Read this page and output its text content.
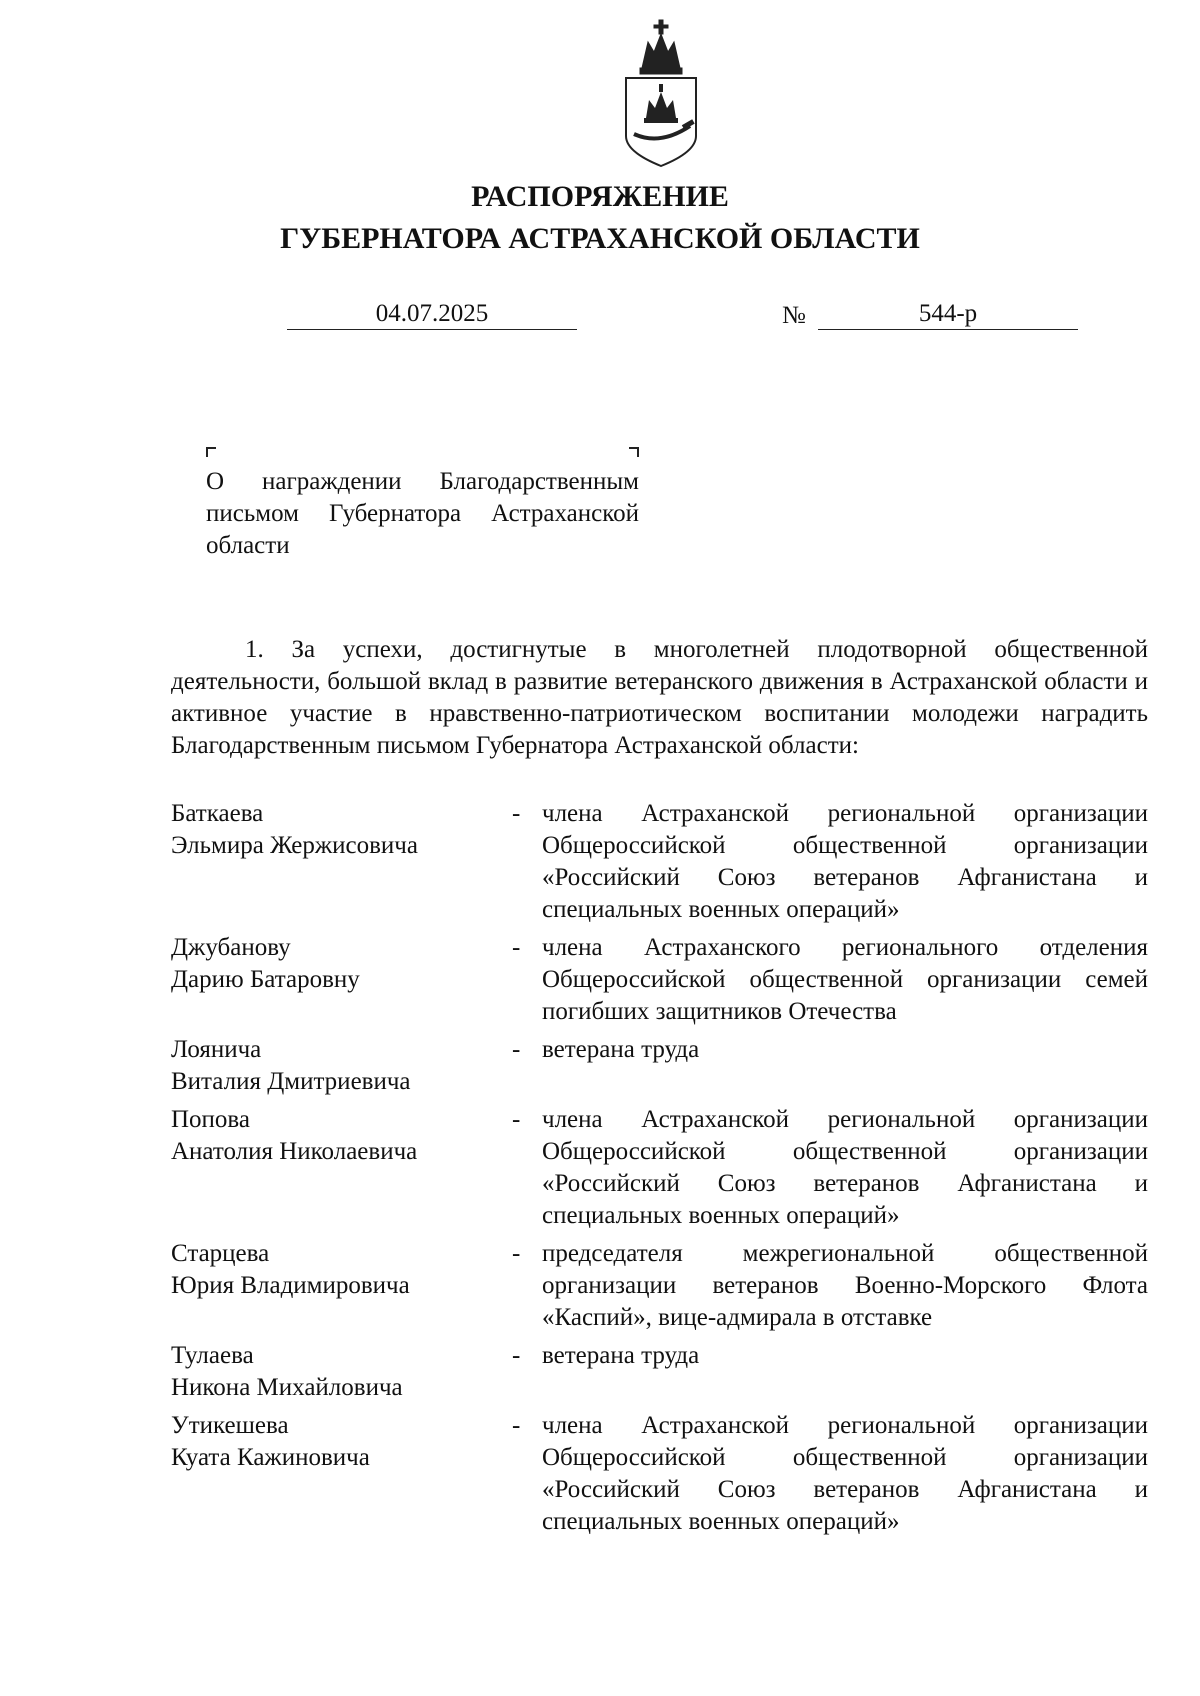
РАСПОРЯЖЕНИЕ
ГУБЕРНАТОРА АСТРАХАНСКОЙ ОБЛАСТИ
04.07.2025	№	544-р
О награждении Благодарственным письмом Губернатора Астраханской области
1. За успехи, достигнутые в многолетней плодотворной общественной деятельности, большой вклад в развитие ветеранского движения в Астраханской области и активное участие в нравственно-патриотическом воспитании молодежи наградить Благодарственным письмом Губернатора Астраханской области:
Баткаева
Эльмира Жержисовича
- члена Астраханской региональной организации Общероссийской общественной организации «Российский Союз ветеранов Афганистана и специальных военных операций»
Джубанову
Дарию Батаровну
- члена Астраханского регионального отделения Общероссийской общественной организации семей погибших защитников Отечества
Лоянича
Виталия Дмитриевича
- ветерана труда
Попова
Анатолия Николаевича
- члена Астраханской региональной организации Общероссийской общественной организации «Российский Союз ветеранов Афганистана и специальных военных операций»
Старцева
Юрия Владимировича
- председателя межрегиональной общественной организации ветеранов Военно-Морского Флота «Каспий», вице-адмирала в отставке
Тулаева
Никона Михайловича
- ветерана труда
Утикешева
Куата Кажиновича
- члена Астраханской региональной организации Общероссийской общественной организации «Российский Союз ветеранов Афганистана и специальных военных операций»
